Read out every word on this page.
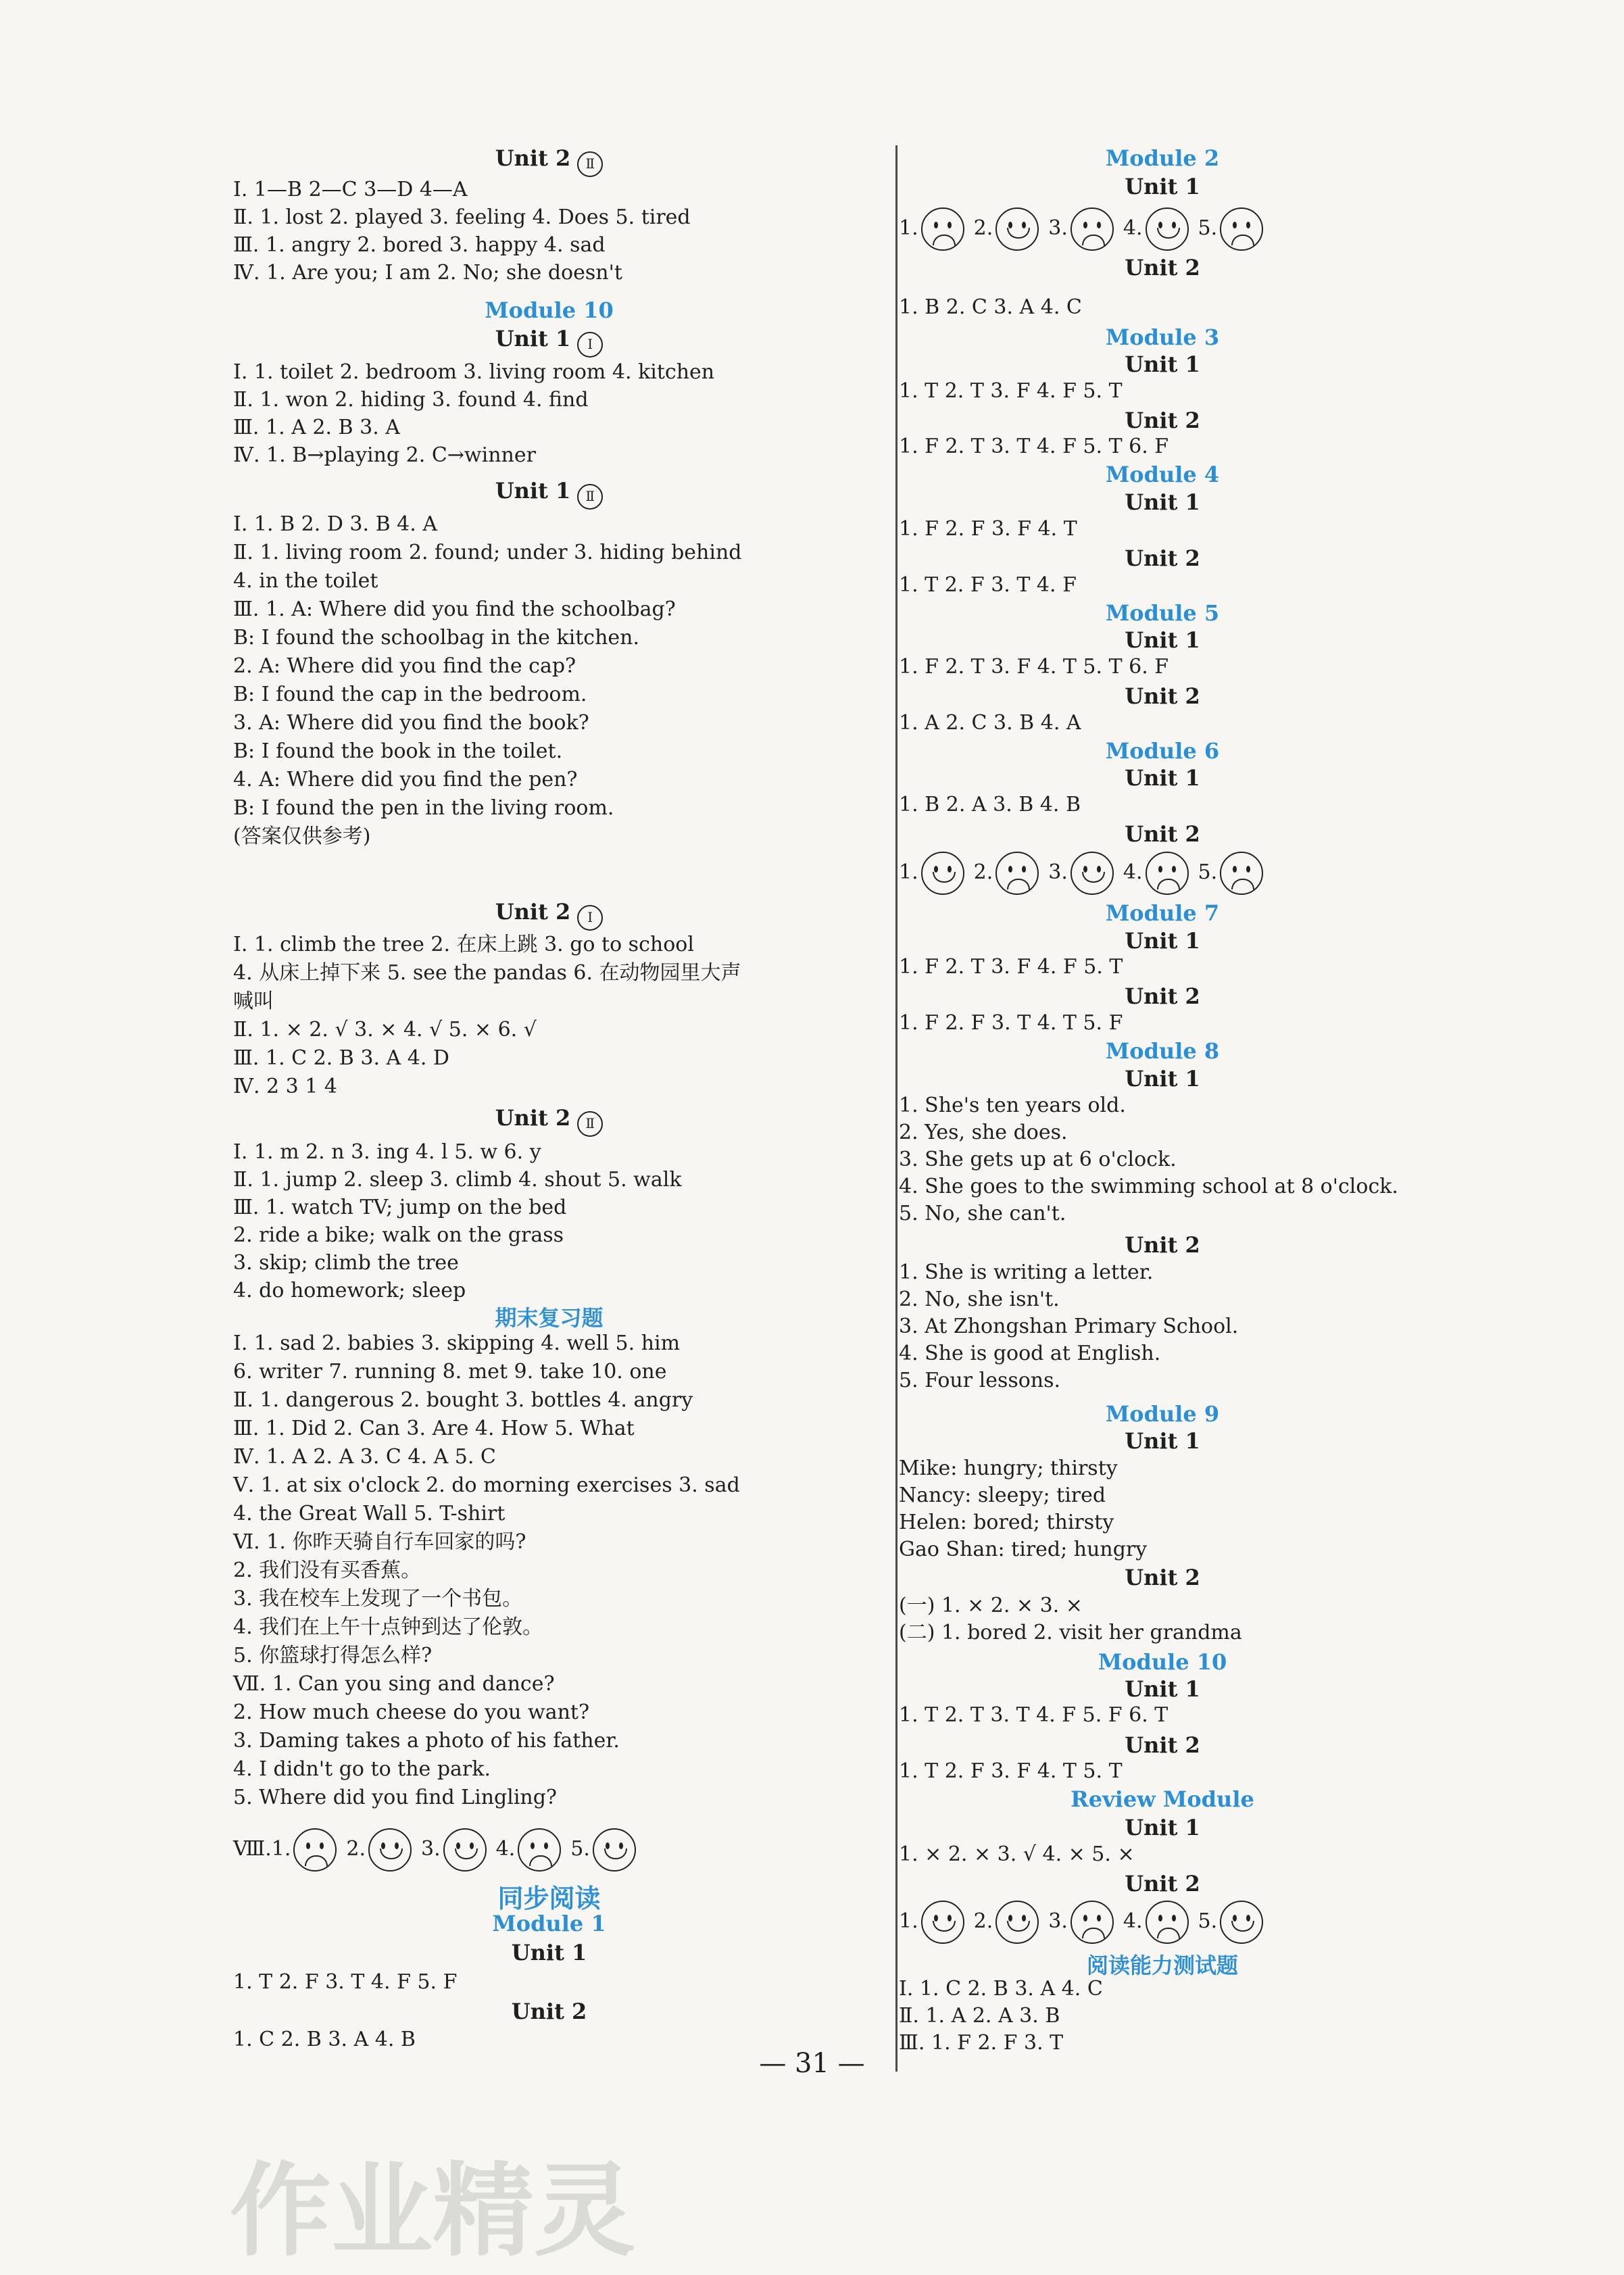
Unit 2 Ⅱ
Ⅰ. 1—B 2—C 3—D 4—A
Ⅱ. 1. lost 2. played 3. feeling 4. Does 5. tired
Ⅲ. 1. angry 2. bored 3. happy 4. sad
Ⅳ. 1. Are you; I am 2. No; she doesn't
Module 10
Unit 1 Ⅰ
Ⅰ. 1. toilet 2. bedroom 3. living room 4. kitchen
Ⅱ. 1. won 2. hiding 3. found 4. find
Ⅲ. 1. A 2. B 3. A
Ⅳ. 1. B→playing 2. C→winner
Unit 1 Ⅱ
Ⅰ. 1. B 2. D 3. B 4. A
Ⅱ. 1. living room 2. found; under 3. hiding behind
4. in the toilet
Ⅲ. 1. A: Where did you find the schoolbag?
B: I found the schoolbag in the kitchen.
2. A: Where did you find the cap?
B: I found the cap in the bedroom.
3. A: Where did you find the book?
B: I found the book in the toilet.
4. A: Where did you find the pen?
B: I found the pen in the living room.
(答案仅供参考)
Unit 2 Ⅰ
Ⅰ. 1. climb the tree 2. 在床上跳 3. go to school
4. 从床上掉下来 5. see the pandas 6. 在动物园里大声
喊叫
Ⅱ. 1. × 2. √ 3. × 4. √ 5. × 6. √
Ⅲ. 1. C 2. B 3. A 4. D
Ⅳ. 2 3 1 4
Unit 2 Ⅱ
Ⅰ. 1. m 2. n 3. ing 4. l 5. w 6. y
Ⅱ. 1. jump 2. sleep 3. climb 4. shout 5. walk
Ⅲ. 1. watch TV; jump on the bed
2. ride a bike; walk on the grass
3. skip; climb the tree
4. do homework; sleep
期末复习题
Ⅰ. 1. sad 2. babies 3. skipping 4. well 5. him
6. writer 7. running 8. met 9. take 10. one
Ⅱ. 1. dangerous 2. bought 3. bottles 4. angry
Ⅲ. 1. Did 2. Can 3. Are 4. How 5. What
Ⅳ. 1. A 2. A 3. C 4. A 5. C
Ⅴ. 1. at six o'clock 2. do morning exercises 3. sad
4. the Great Wall 5. T-shirt
Ⅵ. 1. 你昨天骑自行车回家的吗?
2. 我们没有买香蕉。
3. 我在校车上发现了一个书包。
4. 我们在上午十点钟到达了伦敦。
5. 你篮球打得怎么样?
Ⅶ. 1. Can you sing and dance?
2. How much cheese do you want?
3. Daming takes a photo of his father.
4. I didn't go to the park.
5. Where did you find Lingling?
Ⅷ.1.	2.	3.	4.	5.
同步阅读
Module 1
Unit 1
1. T 2. F 3. T 4. F 5. F
Unit 2
1. C 2. B 3. A 4. B
Module 2
Unit 1
1.	2.	3.	4.	5.
Unit 2
1. B 2. C 3. A 4. C
Module 3
Unit 1
1. T 2. T 3. F 4. F 5. T
Unit 2
1. F 2. T 3. T 4. F 5. T 6. F
Module 4
Unit 1
1. F 2. F 3. F 4. T
Unit 2
1. T 2. F 3. T 4. F
Module 5
Unit 1
1. F 2. T 3. F 4. T 5. T 6. F
Unit 2
1. A 2. C 3. B 4. A
Module 6
Unit 1
1. B 2. A 3. B 4. B
Unit 2
1.	2.	3.	4.	5.
Module 7
Unit 1
1. F 2. T 3. F 4. F 5. T
Unit 2
1. F 2. F 3. T 4. T 5. F
Module 8
Unit 1
1. She's ten years old.
2. Yes, she does.
3. She gets up at 6 o'clock.
4. She goes to the swimming school at 8 o'clock.
5. No, she can't.
Unit 2
1. She is writing a letter.
2. No, she isn't.
3. At Zhongshan Primary School.
4. She is good at English.
5. Four lessons.
Module 9
Unit 1
Mike: hungry; thirsty
Nancy: sleepy; tired
Helen: bored; thirsty
Gao Shan: tired; hungry
Unit 2
(一) 1. × 2. × 3. ×
(二) 1. bored 2. visit her grandma
Module 10
Unit 1
1. T 2. T 3. T 4. F 5. F 6. T
Unit 2
1. T 2. F 3. F 4. T 5. T
Review Module
Unit 1
1. × 2. × 3. √ 4. × 5. ×
Unit 2
1.	2.	3.	4.	5.
阅读能力测试题
Ⅰ. 1. C 2. B 3. A 4. C
Ⅱ. 1. A 2. A 3. B
Ⅲ. 1. F 2. F 3. T
— 31 —
作业精灵
